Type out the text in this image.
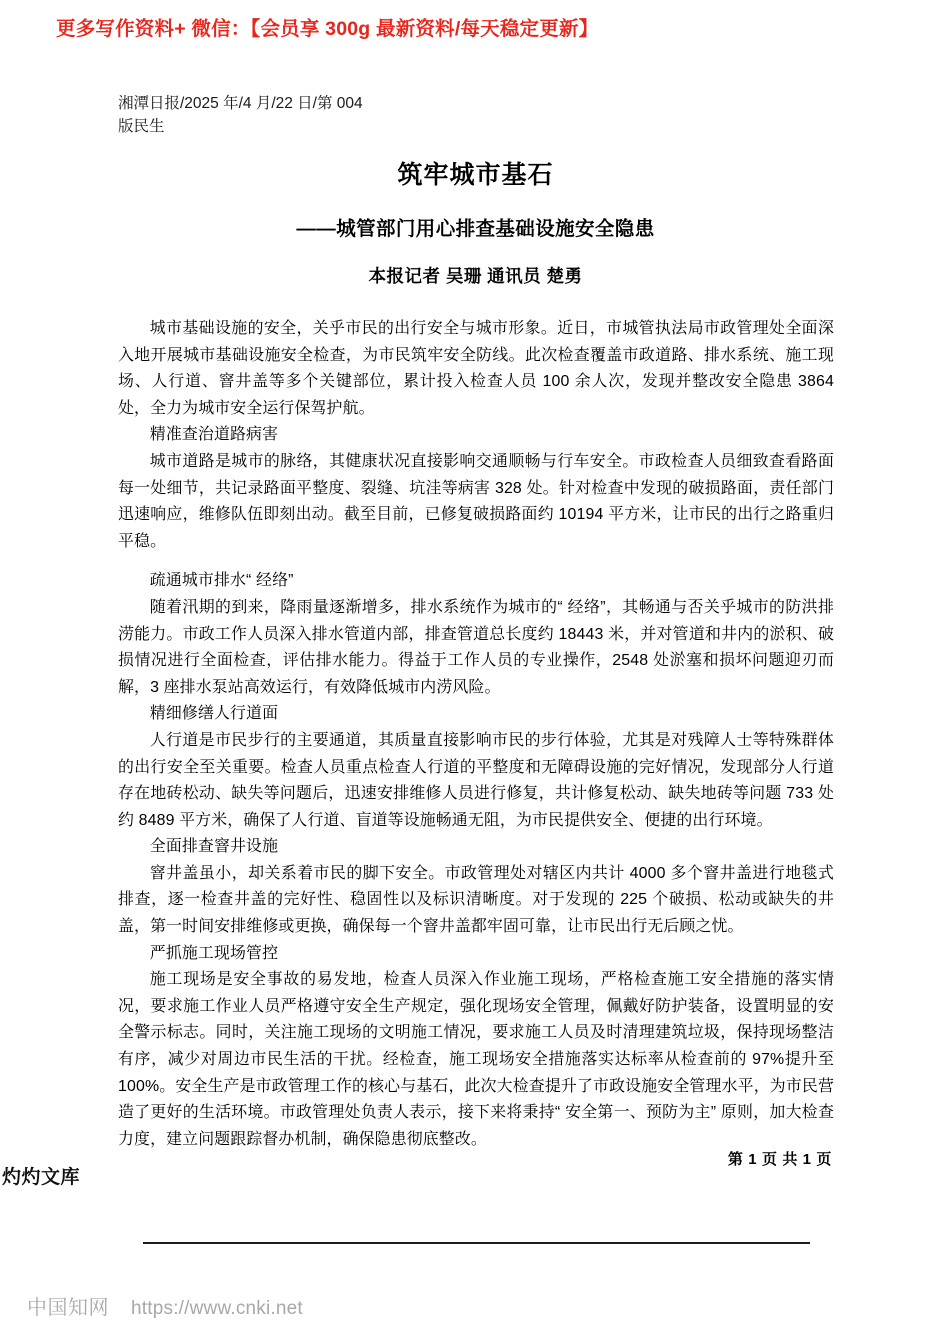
更多写作资料+ 微信：【会员享 300g 最新资料/每天稳定更新】
湘潭日报/2025 年/4 月/22 日/第 004
版民生
筑牢城市基石
——城管部门用心排查基础设施安全隐患
本报记者 吴珊 通讯员 楚勇

城市基础设施的安全，关乎市民的出行安全与城市形象。近日，市城管执法局市政管理处全面深入地开展城市基础设施安全检查，为市民筑牢安全防线。此次检查覆盖市政道路、排水系统、施工现场、人行道、窨井盖等多个关键部位，累计投入检查人员 100 余人次，发现并整改安全隐患 3864 处，全力为城市安全运行保驾护航。

精准查治道路病害

城市道路是城市的脉络，其健康状况直接影响交通顺畅与行车安全。市政检查人员细致查看路面每一处细节，共记录路面平整度、裂缝、坑洼等病害 328 处。针对检查中发现的破损路面，责任部门迅速响应，维修队伍即刻出动。截至目前，已修复破损路面约 10194 平方米，让市民的出行之路重归平稳。

疏通城市排水“ 经络”

随着汛期的到来，降雨量逐渐增多，排水系统作为城市的“ 经络”，其畅通与否关乎城市的防洪排涝能力。市政工作人员深入排水管道内部，排查管道总长度约 18443 米，并对管道和井内的淤积、破损情况进行全面检查，评估排水能力。得益于工作人员的专业操作，2548 处淤塞和损坏问题迎刃而解，3 座排水泵站高效运行，有效降低城市内涝风险。

精细修缮人行道面

人行道是市民步行的主要通道，其质量直接影响市民的步行体验，尤其是对残障人士等特殊群体的出行安全至关重要。检查人员重点检查人行道的平整度和无障碍设施的完好情况，发现部分人行道存在地砖松动、缺失等问题后，迅速安排维修人员进行修复，共计修复松动、缺失地砖等问题 733 处约 8489 平方米，确保了人行道、盲道等设施畅通无阻，为市民提供安全、便捷的出行环境。

全面排查窨井设施

窨井盖虽小，却关系着市民的脚下安全。市政管理处对辖区内共计 4000 多个窨井盖进行地毯式排查，逐一检查井盖的完好性、稳固性以及标识清晰度。对于发现的 225 个破损、松动或缺失的井盖，第一时间安排维修或更换，确保每一个窨井盖都牢固可靠，让市民出行无后顾之忧。

严抓施工现场管控

施工现场是安全事故的易发地，检查人员深入作业施工现场，严格检查施工安全措施的落实情况，要求施工作业人员严格遵守安全生产规定，强化现场安全管理，佩戴好防护装备，设置明显的安全警示标志。同时，关注施工现场的文明施工情况，要求施工人员及时清理建筑垃圾，保持现场整洁有序，减少对周边市民生活的干扰。经检查，施工现场安全措施落实达标率从检查前的 97%提升至 100%。安全生产是市政管理工作的核心与基石，此次大检查提升了市政设施安全管理水平，为市民营造了更好的生活环境。市政管理处负责人表示，接下来将秉持“ 安全第一、预防为主” 原则，加大检查力度，建立问题跟踪督办机制，确保隐患彻底整改。

灼灼文库
第 1 页 共 1 页
中国知网 https://www.cnki.net
